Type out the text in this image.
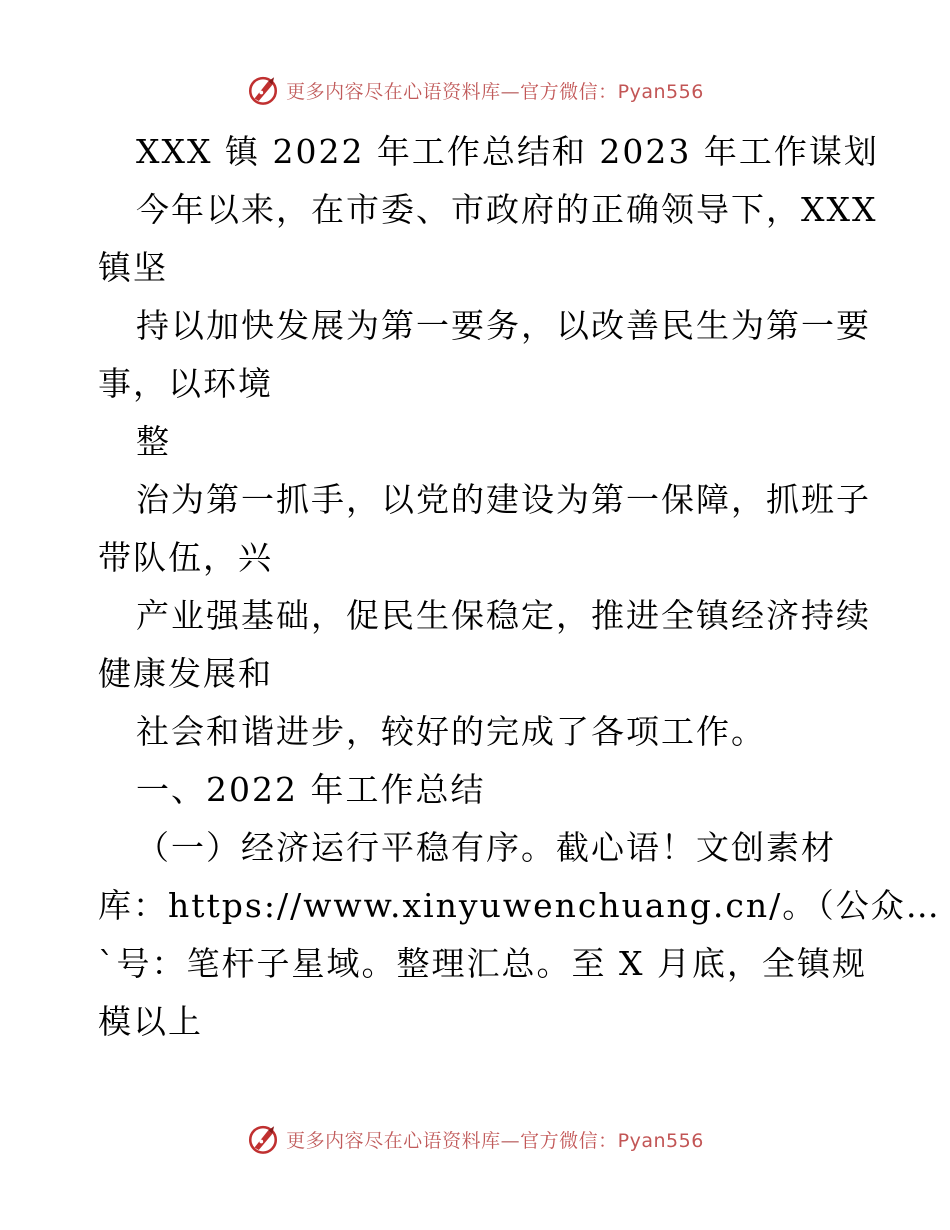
更多内容尽在心语资料库—官方微信：Pyan556
XXX 镇 2022 年工作总结和 2023 年工作谋划
今年以来，在市委、市政府的正确领导下，XXX
镇坚
持以加快发展为第一要务，以改善民生为第一要
事，以环境
整
治为第一抓手，以党的建设为第一保障，抓班子
带队伍，兴
产业强基础，促民生保稳定，推进全镇经济持续
健康发展和
社会和谐进步，较好的完成了各项工作。
一、2022 年工作总结
（一）经济运行平稳有序。截心语！文创素材
库：https://www.xinyuwenchuang.cn/。（公众…
`号：笔杆子星域。整理汇总。至 X 月底，全镇规
模以上
更多内容尽在心语资料库—官方微信：Pyan556
